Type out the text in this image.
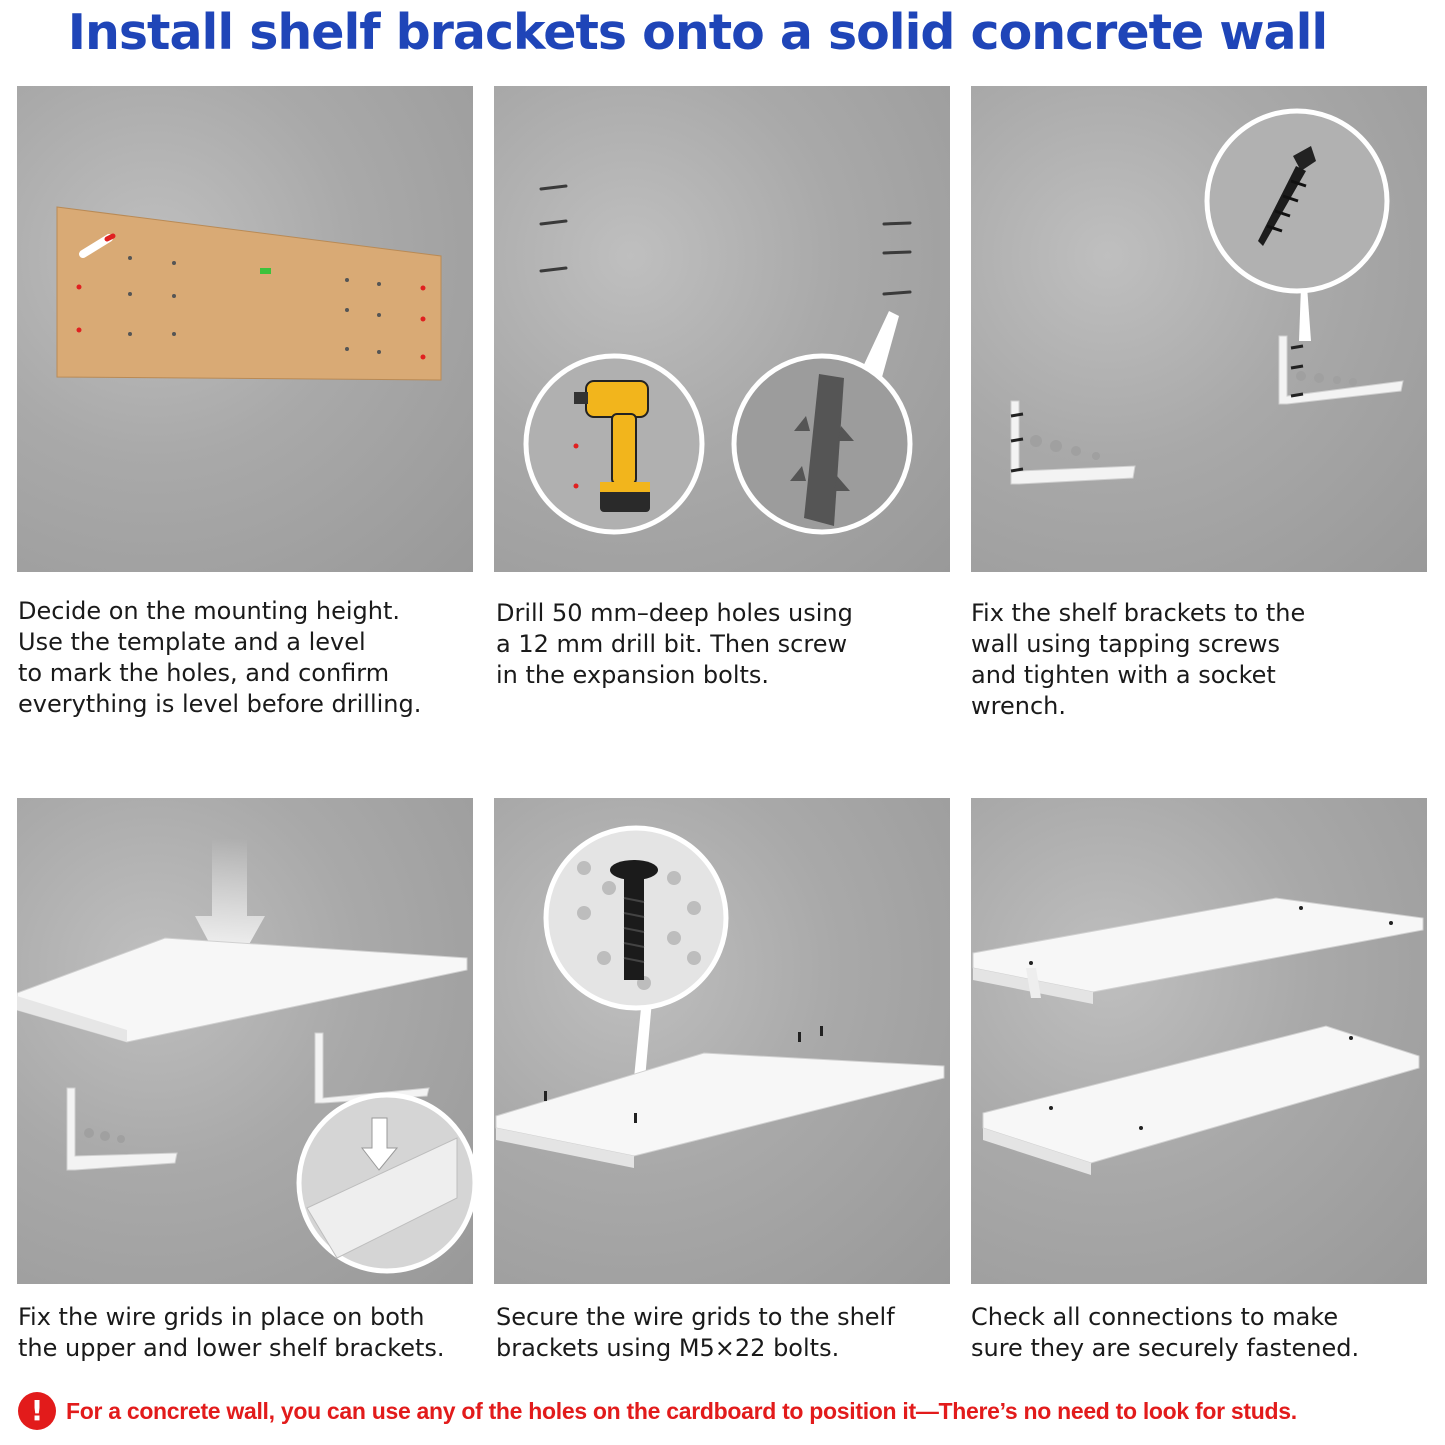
Install shelf brackets onto a solid concrete wall
Decide on the mounting height.
Use the template and a level
to mark the holes, and confirm
everything is level before drilling.
Drill 50 mm–deep holes using
a 12 mm drill bit. Then screw
in the expansion bolts.
Fix the shelf brackets to the
wall using tapping screws
and tighten with a socket
wrench.
Fix the wire grids in place on both
the upper and lower shelf brackets.
Secure the wire grids to the shelf
brackets using M5×22 bolts.
Check all connections to make
sure they are securely fastened.
! For a concrete wall, you can use any of the holes on the cardboard to position it—There’s no need to look for studs.
